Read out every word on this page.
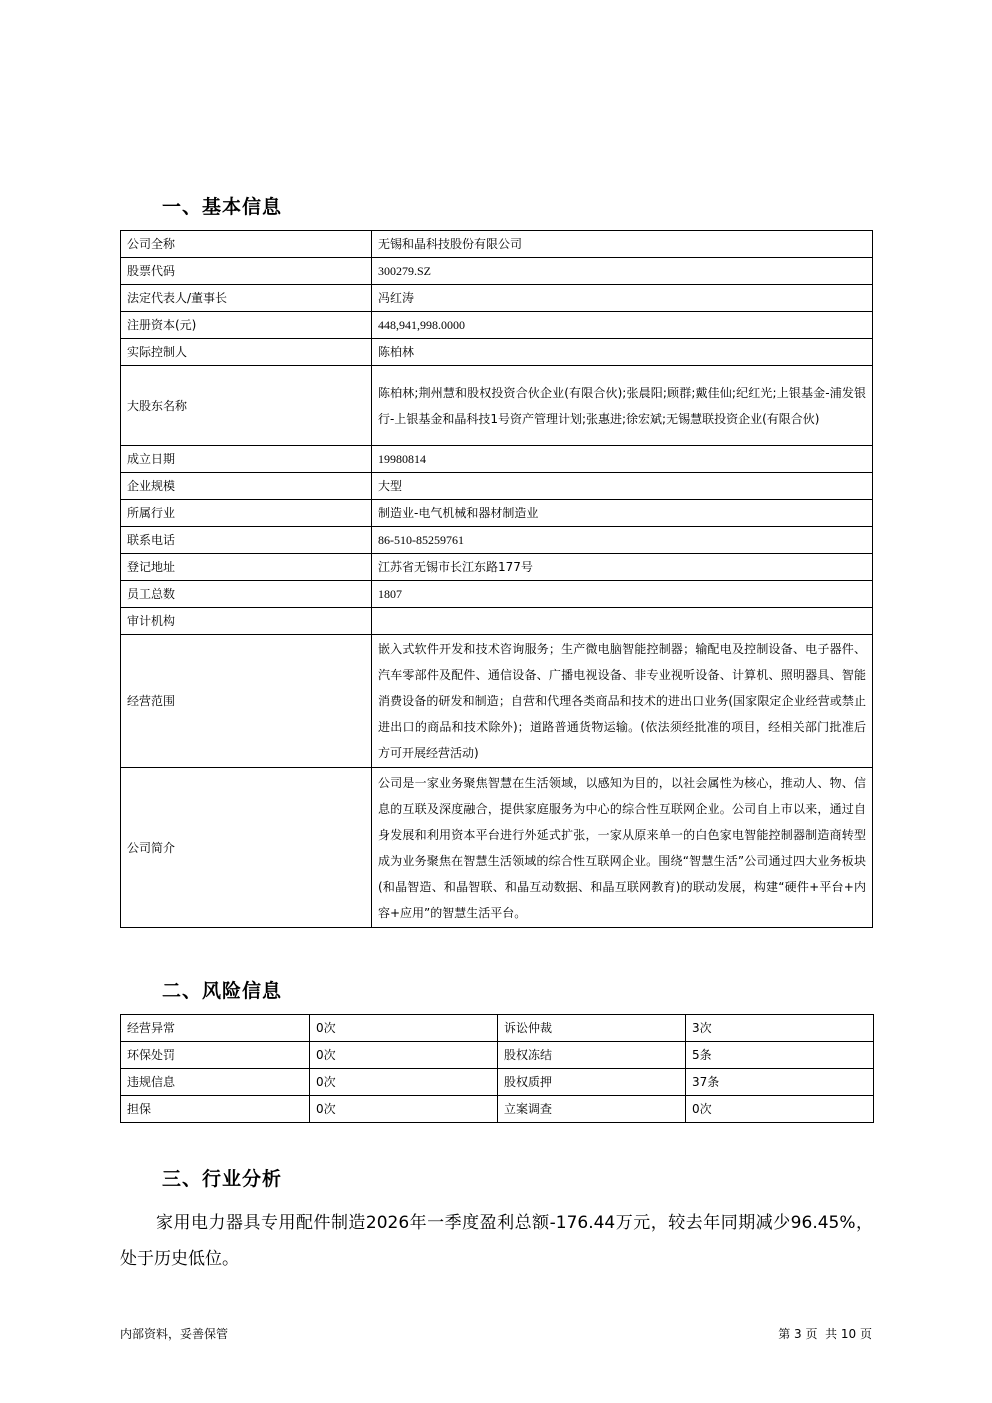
一、基本信息
公司全称	无锡和晶科技股份有限公司
股票代码	300279.SZ
法定代表人/董事长	冯红涛
注册资本(元)	448,941,998.0000
实际控制人	陈柏林
大股东名称	陈柏林;荆州慧和股权投资合伙企业(有限合伙);张晨阳;顾群;戴佳仙;纪红光;上银基金-浦发银行-上银基金和晶科技1号资产管理计划;张惠进;徐宏斌;无锡慧联投资企业(有限合伙)
成立日期	19980814
企业规模	大型
所属行业	制造业-电气机械和器材制造业
联系电话	86-510-85259761
登记地址	江苏省无锡市长江东路177号
员工总数	1807
审计机构	
经营范围	嵌入式软件开发和技术咨询服务；生产微电脑智能控制器；输配电及控制设备、电子器件、汽车零部件及配件、通信设备、广播电视设备、非专业视听设备、计算机、照明器具、智能消费设备的研发和制造；自营和代理各类商品和技术的进出口业务(国家限定企业经营或禁止进出口的商品和技术除外)；道路普通货物运输。(依法须经批准的项目，经相关部门批准后方可开展经营活动)
公司简介	公司是一家业务聚焦智慧在生活领域，以感知为目的，以社会属性为核心，推动人、物、信息的互联及深度融合，提供家庭服务为中心的综合性互联网企业。公司自上市以来，通过自身发展和利用资本平台进行外延式扩张，一家从原来单一的白色家电智能控制器制造商转型成为业务聚焦在智慧生活领域的综合性互联网企业。围绕“智慧生活”公司通过四大业务板块(和晶智造、和晶智联、和晶互动数据、和晶互联网教育)的联动发展，构建“硬件+平台+内容+应用”的智慧生活平台。
二、风险信息
经营异常	0次	诉讼仲裁	3次
环保处罚	0次	股权冻结	5条
违规信息	0次	股权质押	37条
担保	0次	立案调查	0次
三、行业分析
家用电力器具专用配件制造2026年一季度盈利总额-176.44万元，较去年同期减少96.45%，处于历史低位。
内部资料，妥善保管	第 3 页  共 10 页
